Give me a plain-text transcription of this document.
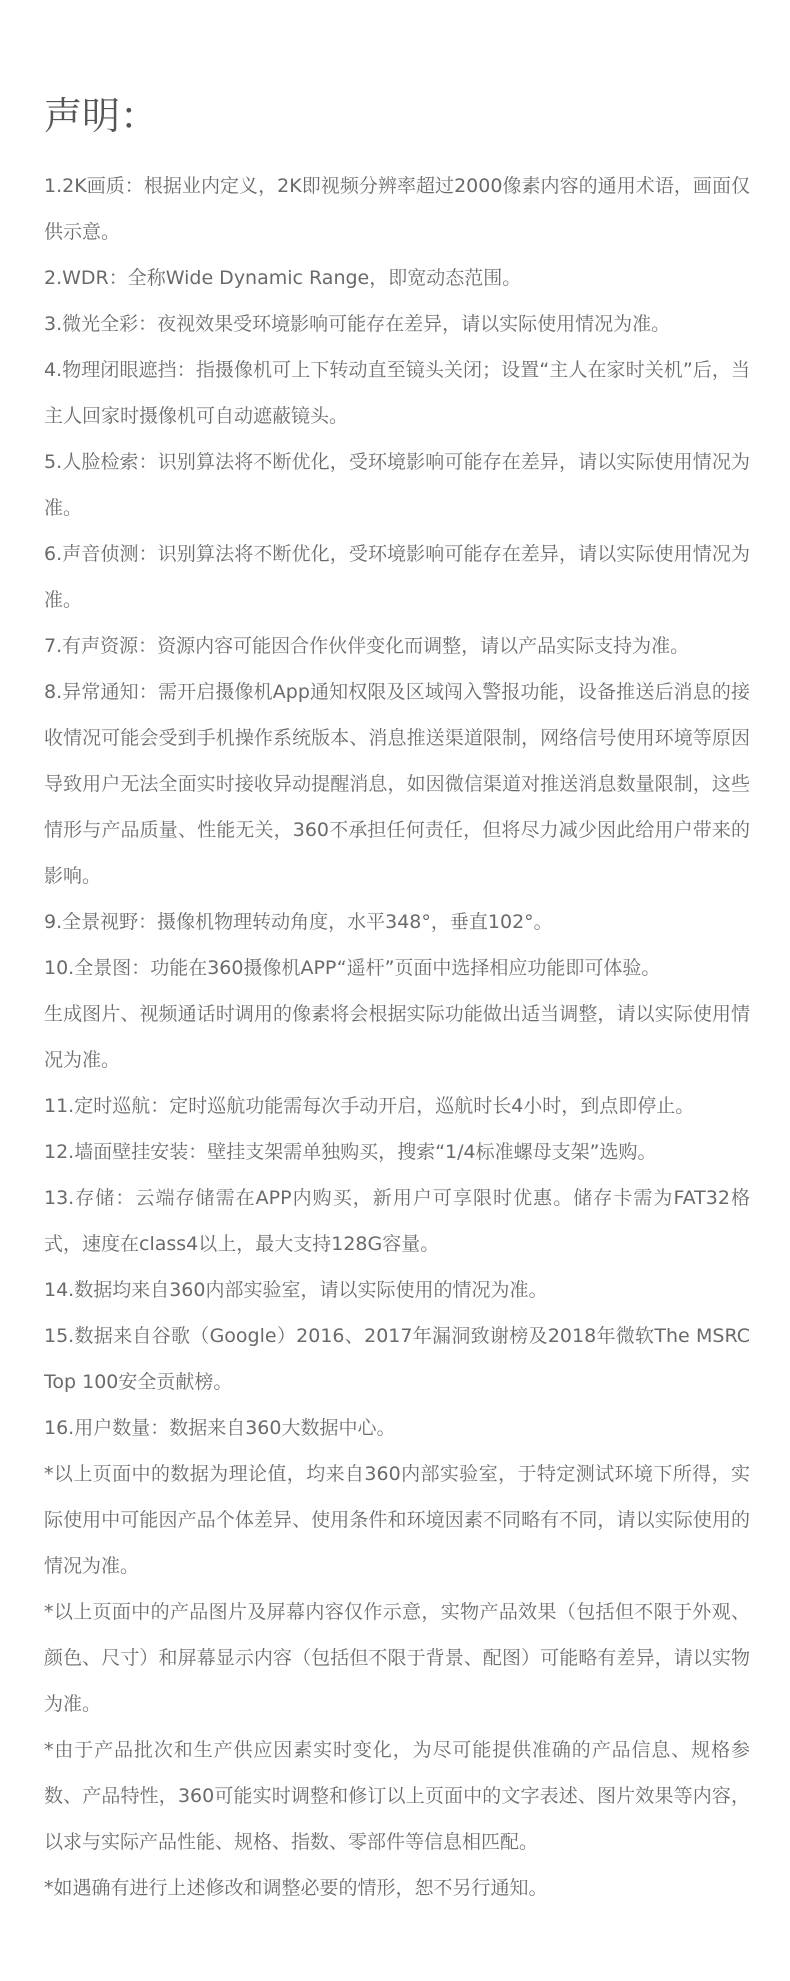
声明：
1.2K画质：根据业内定义，2K即视频分辨率超过2000像素内容的通用术语，画面仅供示意。
2.WDR：全称Wide Dynamic Range，即宽动态范围。
3.微光全彩：夜视效果受环境影响可能存在差异，请以实际使用情况为准。
4.物理闭眼遮挡：指摄像机可上下转动直至镜头关闭；设置“主人在家时关机”后，当主人回家时摄像机可自动遮蔽镜头。
5.人脸检索：识别算法将不断优化，受环境影响可能存在差异，请以实际使用情况为准。
6.声音侦测：识别算法将不断优化，受环境影响可能存在差异，请以实际使用情况为准。
7.有声资源：资源内容可能因合作伙伴变化而调整，请以产品实际支持为准。
8.异常通知：需开启摄像机App通知权限及区域闯入警报功能，设备推送后消息的接收情况可能会受到手机操作系统版本、消息推送渠道限制，网络信号使用环境等原因导致用户无法全面实时接收异动提醒消息，如因微信渠道对推送消息数量限制，这些情形与产品质量、性能无关，360不承担任何责任，但将尽力减少因此给用户带来的影响。
9.全景视野：摄像机物理转动角度，水平348°，垂直102°。
10.全景图：功能在360摄像机APP“遥杆”页面中选择相应功能即可体验。
生成图片、视频通话时调用的像素将会根据实际功能做出适当调整，请以实际使用情况为准。
11.定时巡航：定时巡航功能需每次手动开启，巡航时长4小时，到点即停止。
12.墙面壁挂安装：壁挂支架需单独购买，搜索“1/4标准螺母支架”选购。
13.存储：云端存储需在APP内购买，新用户可享限时优惠。储存卡需为FAT32格式，速度在class4以上，最大支持128G容量。
14.数据均来自360内部实验室，请以实际使用的情况为准。
15.数据来自谷歌（Google）2016、2017年漏洞致谢榜及2018年微软The MSRC Top 100安全贡献榜。
16.用户数量：数据来自360大数据中心。
*以上页面中的数据为理论值，均来自360内部实验室，于特定测试环境下所得，实际使用中可能因产品个体差异、使用条件和环境因素不同略有不同，请以实际使用的情况为准。
*以上页面中的产品图片及屏幕内容仅作示意，实物产品效果（包括但不限于外观、颜色、尺寸）和屏幕显示内容（包括但不限于背景、配图）可能略有差异，请以实物为准。
*由于产品批次和生产供应因素实时变化，为尽可能提供准确的产品信息、规格参数、产品特性，360可能实时调整和修订以上页面中的文字表述、图片效果等内容，以求与实际产品性能、规格、指数、零部件等信息相匹配。
*如遇确有进行上述修改和调整必要的情形，恕不另行通知。
